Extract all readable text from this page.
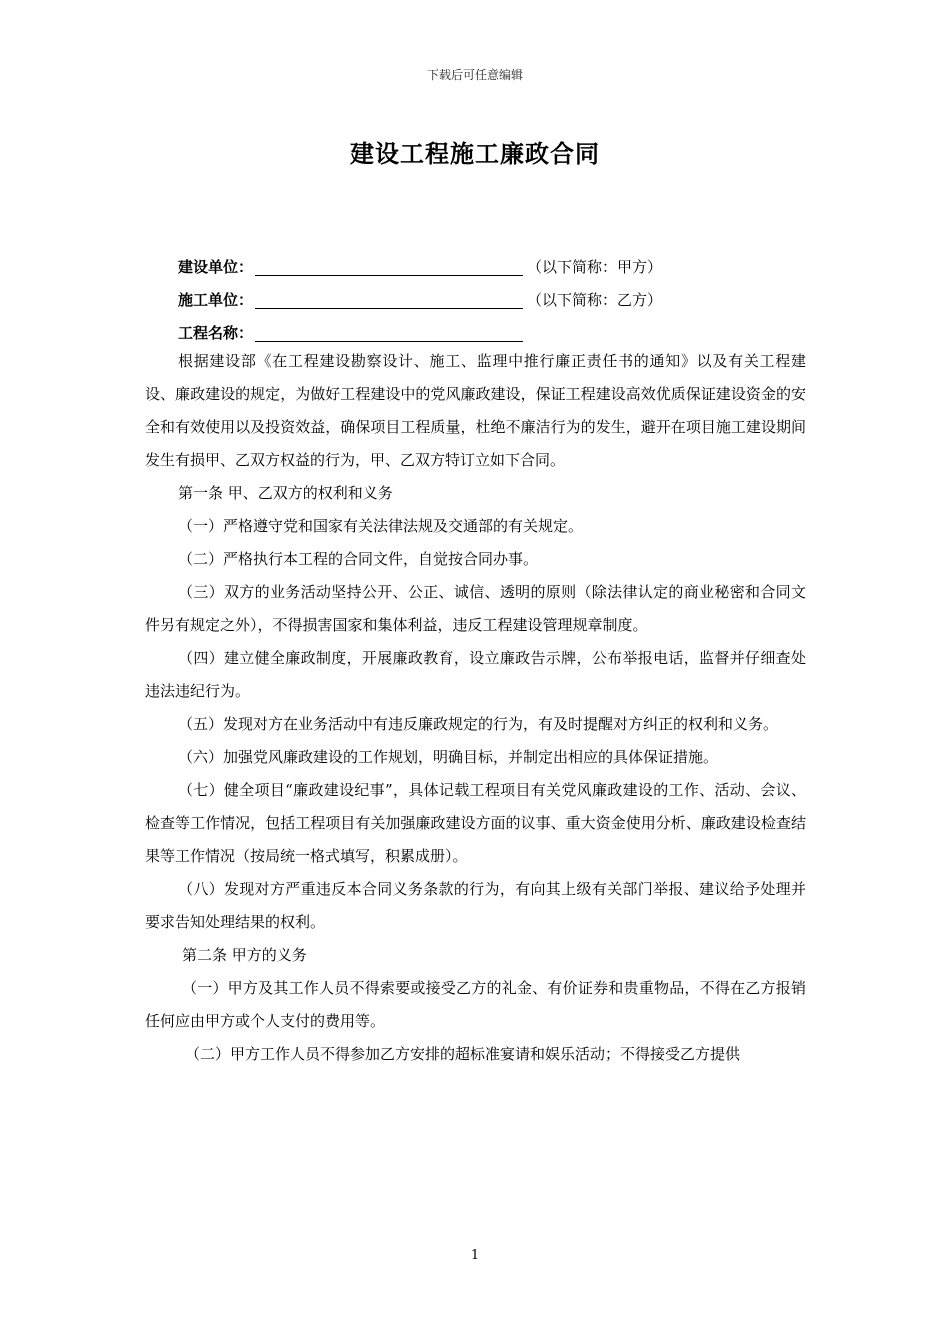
下载后可任意编辑
建设工程施工廉政合同
建设单位：	（以下简称：甲方）
施工单位：	（以下简称：乙方）
工程名称：

根据建设部《在工程建设勘察设计、施工、监理中推行廉正责任书的通知》以及有关工程建设、廉政建设的规定，为做好工程建设中的党风廉政建设，保证工程建设高效优质保证建设资金的安全和有效使用以及投资效益，确保项目工程质量，杜绝不廉洁行为的发生，避开在项目施工建设期间发生有损甲、乙双方权益的行为，甲、乙双方特订立如下合同。

第一条 甲、乙双方的权利和义务

（一）严格遵守党和国家有关法律法规及交通部的有关规定。

（二）严格执行本工程的合同文件，自觉按合同办事。

（三）双方的业务活动坚持公开、公正、诚信、透明的原则（除法律认定的商业秘密和合同文件另有规定之外），不得损害国家和集体利益，违反工程建设管理规章制度。

（四）建立健全廉政制度，开展廉政教育，设立廉政告示牌，公布举报电话，监督并仔细查处违法违纪行为。

（五）发现对方在业务活动中有违反廉政规定的行为，有及时提醒对方纠正的权利和义务。

（六）加强党风廉政建设的工作规划，明确目标，并制定出相应的具体保证措施。

（七）健全项目“廉政建设纪事”，具体记载工程项目有关党风廉政建设的工作、活动、会议、检查等工作情况，包括工程项目有关加强廉政建设方面的议事、重大资金使用分析、廉政建设检查结果等工作情况（按局统一格式填写，积累成册）。

（八）发现对方严重违反本合同义务条款的行为，有向其上级有关部门举报、建议给予处理并要求告知处理结果的权利。

第二条 甲方的义务

（一）甲方及其工作人员不得索要或接受乙方的礼金、有价证券和贵重物品，不得在乙方报销任何应由甲方或个人支付的费用等。

（二）甲方工作人员不得参加乙方安排的超标准宴请和娱乐活动；不得接受乙方提供

1
